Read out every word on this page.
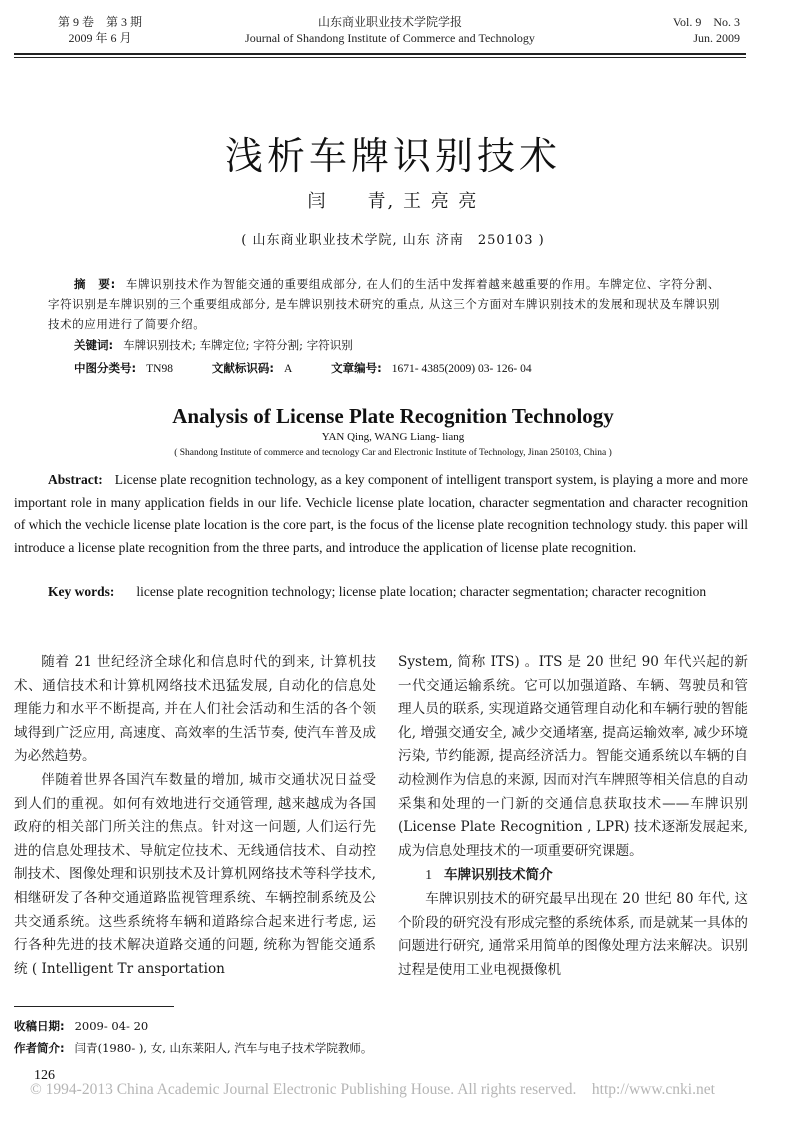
第 9 卷　第 3 期
2009 年 6 月
山东商业职业技术学院学报
Journal of Shandong Institute of Commerce and Technology
Vol. 9　No. 3
Jun. 2009
浅析车牌识别技术
闫　　青, 王 亮 亮
( 山东商业职业技术学院, 山东 济南　250103 )
摘　要: 车牌识别技术作为智能交通的重要组成部分, 在人们的生活中发挥着越来越重要的作用。车牌定位、字符分割、字符识别是车牌识别的三个重要组成部分, 是车牌识别技术研究的重点, 从这三个方面对车牌识别技术的发展和现状及车牌识别技术的应用进行了简要介绍。
关键词: 车牌识别技术; 车牌定位; 字符分割; 字符识别
中图分类号: TN98	文献标识码: A	文章编号: 1671- 4385(2009) 03- 126- 04
Analysis of License Plate Recognition Technology
YAN Qing, WANG Liang- liang
( Shandong Institute of commerce and tecnology Car and Electronic Institute of Technology, Jinan 250103, China )
Abstract: License plate recognition technology, as a key component of intelligent transport system, is playing a more and more important role in many application fields in our life. Vechicle license plate location, character segmentation and character recognition of which the vechicle license plate location is the core part, is the focus of the license plate recognition technology study. this paper will introduce a license plate recognition from the three parts, and introduce the application of license plate recognition.
Key words: license plate recognition technology; license plate location; character segmentation; character recognition

随着 21 世纪经济全球化和信息时代的到来, 计算机技术、通信技术和计算机网络技术迅猛发展, 自动化的信息处理能力和水平不断提高, 并在人们社会活动和生活的各个领域得到广泛应用, 高速度、高效率的生活节奏, 使汽车普及成为必然趋势。

伴随着世界各国汽车数量的增加, 城市交通状况日益受到人们的重视。如何有效地进行交通管理, 越来越成为各国政府的相关部门所关注的焦点。针对这一问题, 人们运行先进的信息处理技术、导航定位技术、无线通信技术、自动控制技术、图像处理和识别技术及计算机网络技术等科学技术, 相继研发了各种交通道路监视管理系统、车辆控制系统及公共交通系统。这些系统将车辆和道路综合起来进行考虑, 运行各种先进的技术解决道路交通的问题, 统称为智能交通系统 ( Intelligent Tr ansportation

System, 简称 ITS) 。ITS 是 20 世纪 90 年代兴起的新一代交通运输系统。它可以加强道路、车辆、驾驶员和管理人员的联系, 实现道路交通管理自动化和车辆行驶的智能化, 增强交通安全, 减少交通堵塞, 提高运输效率, 减少环境污染, 节约能源, 提高经济活力。智能交通系统以车辆的自动检测作为信息的来源, 因而对汽车牌照等相关信息的自动采集和处理的一门新的交通信息获取技术——车牌识别 (License Plate Recognition , LPR) 技术逐渐发展起来, 成为信息处理技术的一项重要研究课题。

1 车牌识别技术简介

车牌识别技术的研究最早出现在 20 世纪 80 年代, 这个阶段的研究没有形成完整的系统体系, 而是就某一具体的问题进行研究, 通常采用简单的图像处理方法来解决。识别过程是使用工业电视摄像机

收稿日期: 2009- 04- 20
作者简介: 闫青(1980- ), 女, 山东莱阳人, 汽车与电子技术学院教师。
© 1994-2013 China Academic Journal Electronic Publishing House. All rights reserved.　http://www.cnki.net
126
